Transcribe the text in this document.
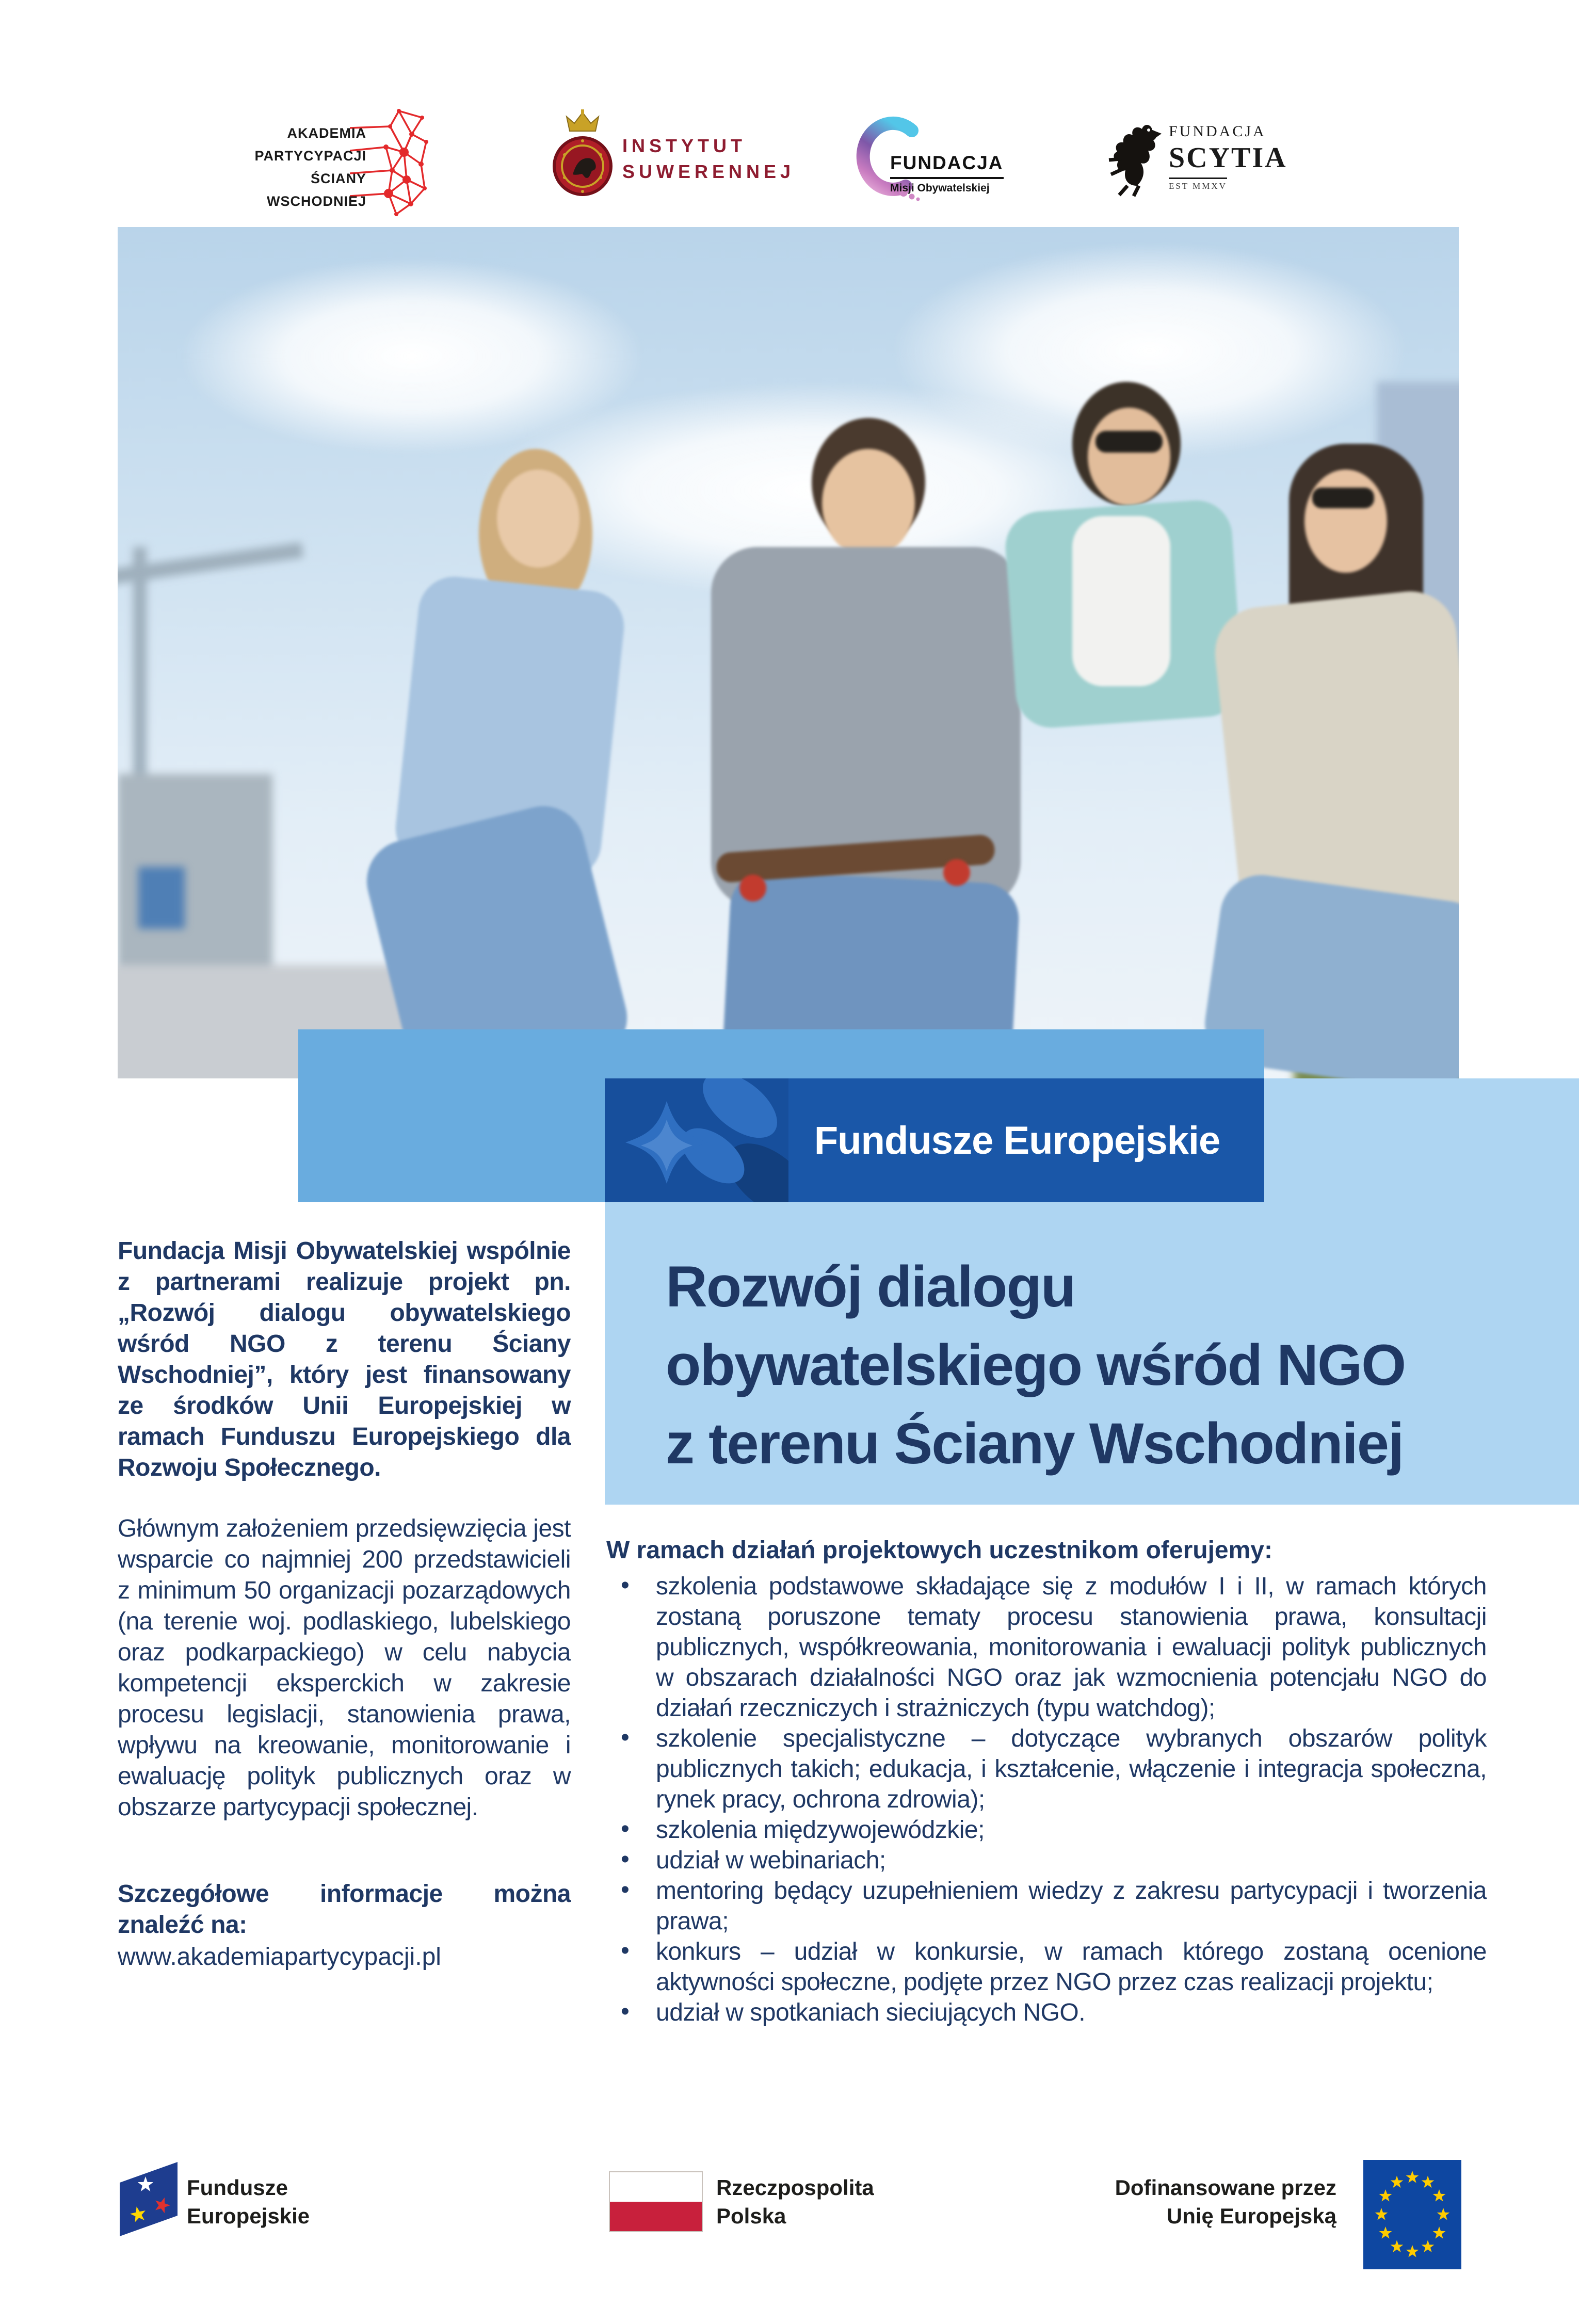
AKADEMIA
PARTYCYPACJI
ŚCIANY
WSCHODNIEJ
INSTYTUT
SUWERENNEJ	FUNDACJA
Misji Obywatelskiej
FUNDACJA
SCYTIA
EST MMXV
Fundusze Europejskie
Rozwój dialogu
obywatelskiego wśród NGO
z terenu Ściany Wschodniej

Fundacja Misji Obywatelskiej wspólnie z partnerami realizuje projekt pn. „Rozwój dialogu obywatelskiego wśród NGO z terenu Ściany Wschodniej”, który jest finansowany ze środków Unii Europejskiej w ramach Funduszu Europejskiego dla Rozwoju Społecznego.

Głównym założeniem przedsięwzięcia jest wsparcie co najmniej 200 przedstawicieli z minimum 50 organizacji pozarządowych (na terenie woj. podlaskiego, lubelskiego oraz podkarpackiego) w celu nabycia kompetencji eksperckich w zakresie procesu legislacji, stanowienia prawa, wpływu na kreowanie, monitorowanie i ewaluację polityk publicznych oraz w obszarze partycypacji społecznej.

Szczegółowe informacje można znaleźć na:

www.akademiapartycypacji.pl
W ramach działań projektowych uczestnikom oferujemy:
• szkolenia podstawowe składające się z modułów I i II, w ramach których zostaną poruszone tematy procesu stanowienia prawa, konsultacji publicznych, współkreowania, monitorowania i ewaluacji polityk publicznych w obszarach działalności NGO oraz jak wzmocnienia potencjału NGO do działań rzeczniczych i strażniczych (typu watchdog);
• szkolenie specjalistyczne – dotyczące wybranych obszarów polityk publicznych takich; edukacja, i kształcenie, włączenie i integracja społeczna, rynek pracy, ochrona zdrowia);
• szkolenia międzywojewódzkie;
• udział w webinariach;
• mentoring będący uzupełnieniem wiedzy z zakresu partycypacji i tworzenia prawa;
• konkurs – udział w konkursie, w ramach którego zostaną ocenione aktywności społeczne, podjęte przez NGO przez czas realizacji projektu;
• udział w spotkaniach sieciujących NGO.
Fundusze
Europejskie
Rzeczpospolita
Polska
Dofinansowane przez
Unię Europejską
